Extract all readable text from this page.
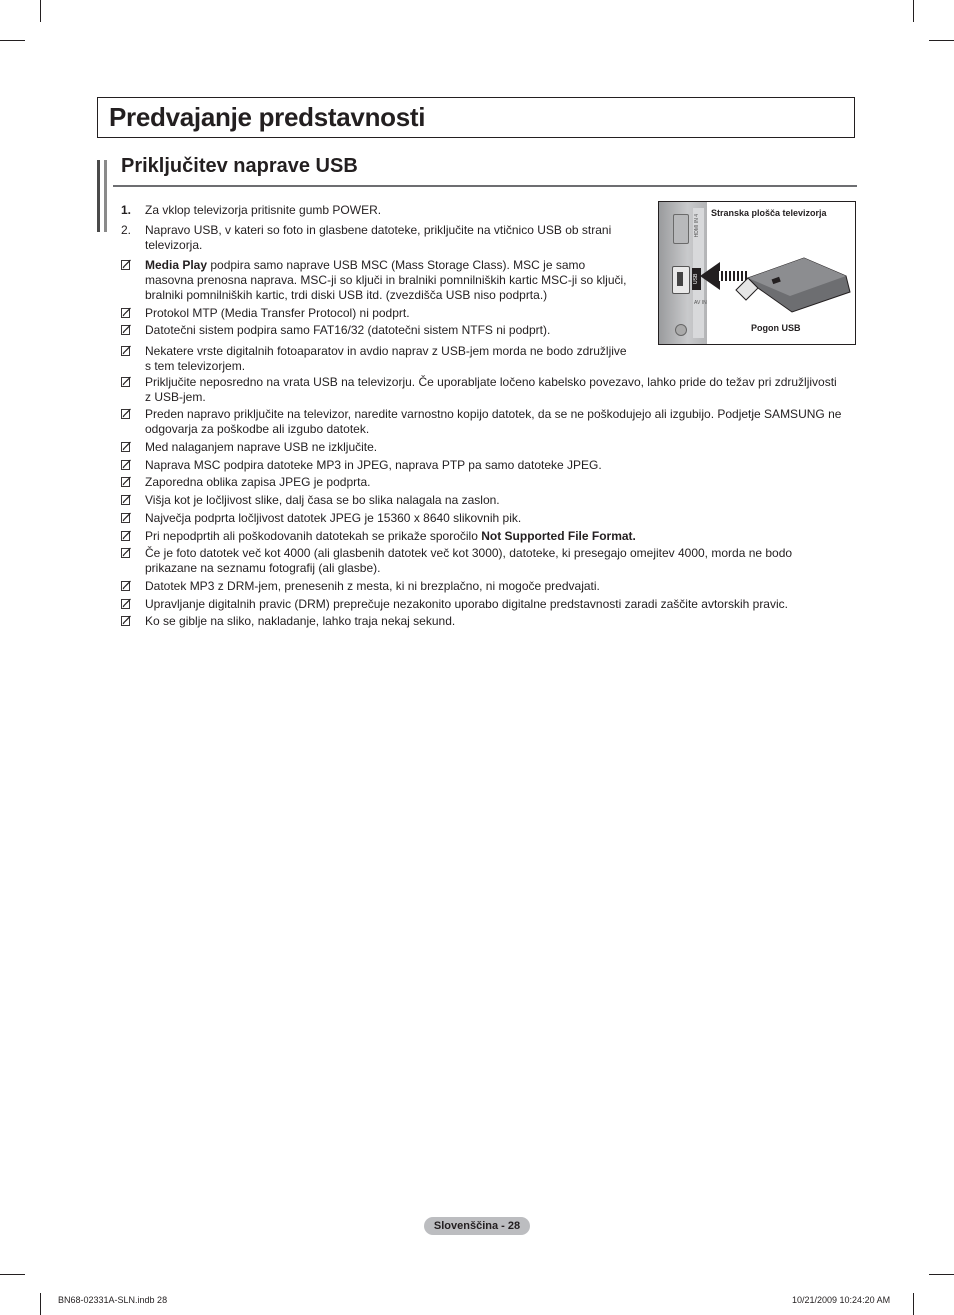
Predvajanje predstavnosti
Priključitev naprave USB
HDMI IN 4
USB
AV IN
Stranska plošča televizorja
Pogon USB
1. Za vklop televizorja pritisnite gumb POWER.
2. Napravo USB, v kateri so foto in glasbene datoteke, priključite na vtičnico USB ob strani
televizorja.
Media Play podpira samo naprave USB MSC (Mass Storage Class). MSC je samo
masovna prenosna naprava. MSC-ji so ključi in bralniki pomnilniških kartic MSC-ji so ključi,
bralniki pomnilniških kartic, trdi diski USB itd. (zvezdišča USB niso podprta.)
Protokol MTP (Media Transfer Protocol) ni podprt.
Datotečni sistem podpira samo FAT16/32 (datotečni sistem NTFS ni podprt).
Nekatere vrste digitalnih fotoaparatov in avdio naprav z USB-jem morda ne bodo združljive
s tem televizorjem.
Priključite neposredno na vrata USB na televizorju. Če uporabljate ločeno kabelsko povezavo, lahko pride do težav pri združljivosti
z USB-jem.
Preden napravo priključite na televizor, naredite varnostno kopijo datotek, da se ne poškodujejo ali izgubijo. Podjetje SAMSUNG ne
odgovarja za poškodbe ali izgubo datotek.
Med nalaganjem naprave USB ne izključite.
Naprava MSC podpira datoteke MP3 in JPEG, naprava PTP pa samo datoteke JPEG.
Zaporedna oblika zapisa JPEG je podprta.
Višja kot je ločljivost slike, dalj časa se bo slika nalagala na zaslon.
Največja podprta ločljivost datotek JPEG je 15360 x 8640 slikovnih pik.
Pri nepodprtih ali poškodovanih datotekah se prikaže sporočilo Not Supported File Format.
Če je foto datotek več kot 4000 (ali glasbenih datotek več kot 3000), datoteke, ki presegajo omejitev 4000, morda ne bodo
prikazane na seznamu fotografij (ali glasbe).
Datotek MP3 z DRM-jem, prenesenih z mesta, ki ni brezplačno, ni mogoče predvajati.
Upravljanje digitalnih pravic (DRM) preprečuje nezakonito uporabo digitalne predstavnosti zaradi zaščite avtorskih pravic.
Ko se giblje na sliko, nakladanje, lahko traja nekaj sekund.
Slovenščina - 28
BN68-02331A-SLN.indb 28	10/21/2009 10:24:20 AM
